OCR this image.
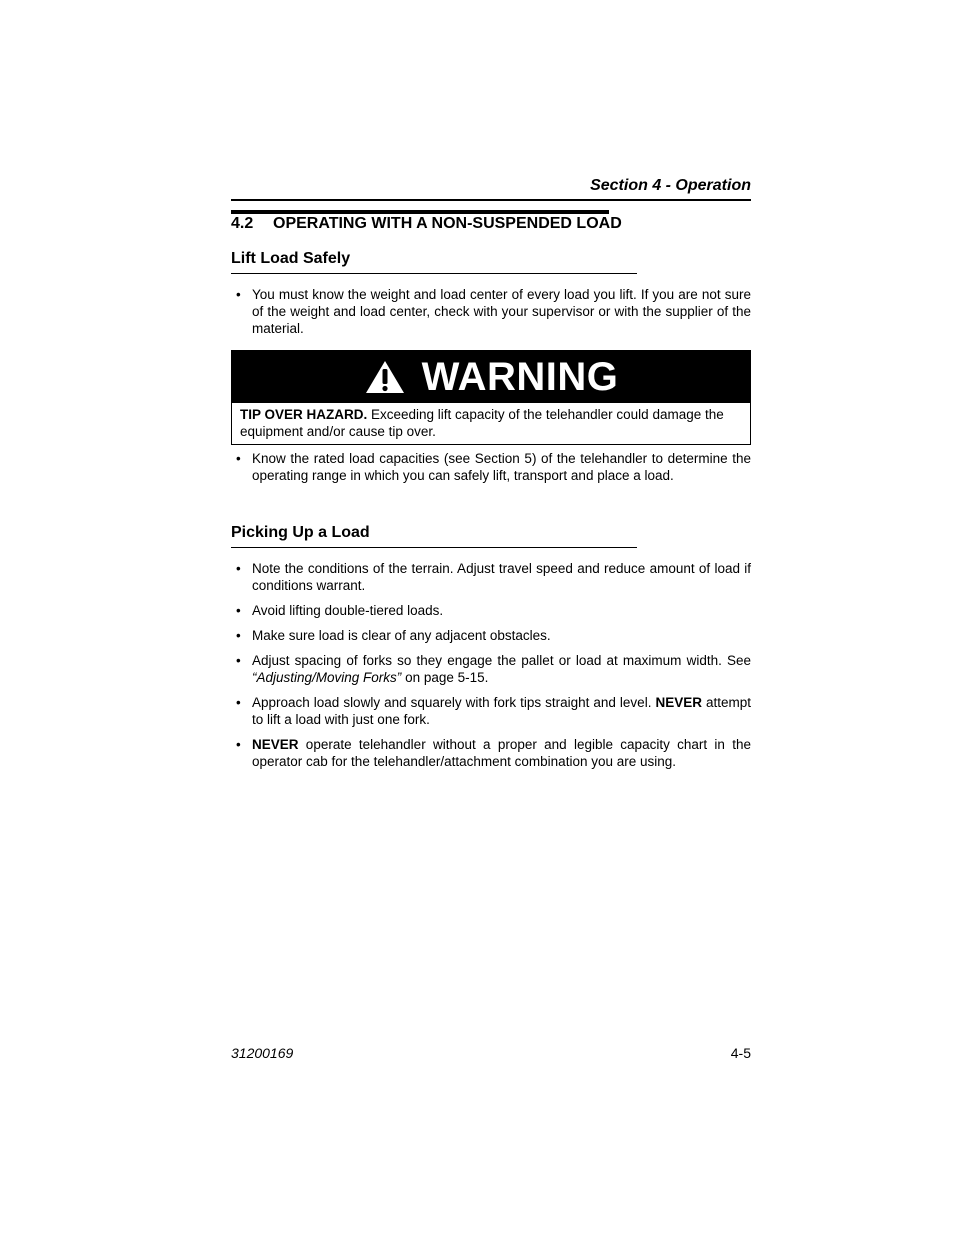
Section 4 - Operation
4.2 OPERATING WITH A NON-SUSPENDED LOAD
Lift Load Safely
• You must know the weight and load center of every load you lift. If you are not sure of the weight and load center, check with your supervisor or with the supplier of the material.
WARNING
TIP OVER HAZARD. Exceeding lift capacity of the telehandler could damage the equipment and/or cause tip over.
• Know the rated load capacities (see Section 5) of the telehandler to determine the operating range in which you can safely lift, transport and place a load.
Picking Up a Load
• Note the conditions of the terrain. Adjust travel speed and reduce amount of load if conditions warrant.
• Avoid lifting double-tiered loads.
• Make sure load is clear of any adjacent obstacles.
• Adjust spacing of forks so they engage the pallet or load at maximum width. See “Adjusting/Moving Forks” on page 5-15.
• Approach load slowly and squarely with fork tips straight and level. NEVER attempt to lift a load with just one fork.
• NEVER operate telehandler without a proper and legible capacity chart in the operator cab for the telehandler/attachment combination you are using.
31200169	4-5
